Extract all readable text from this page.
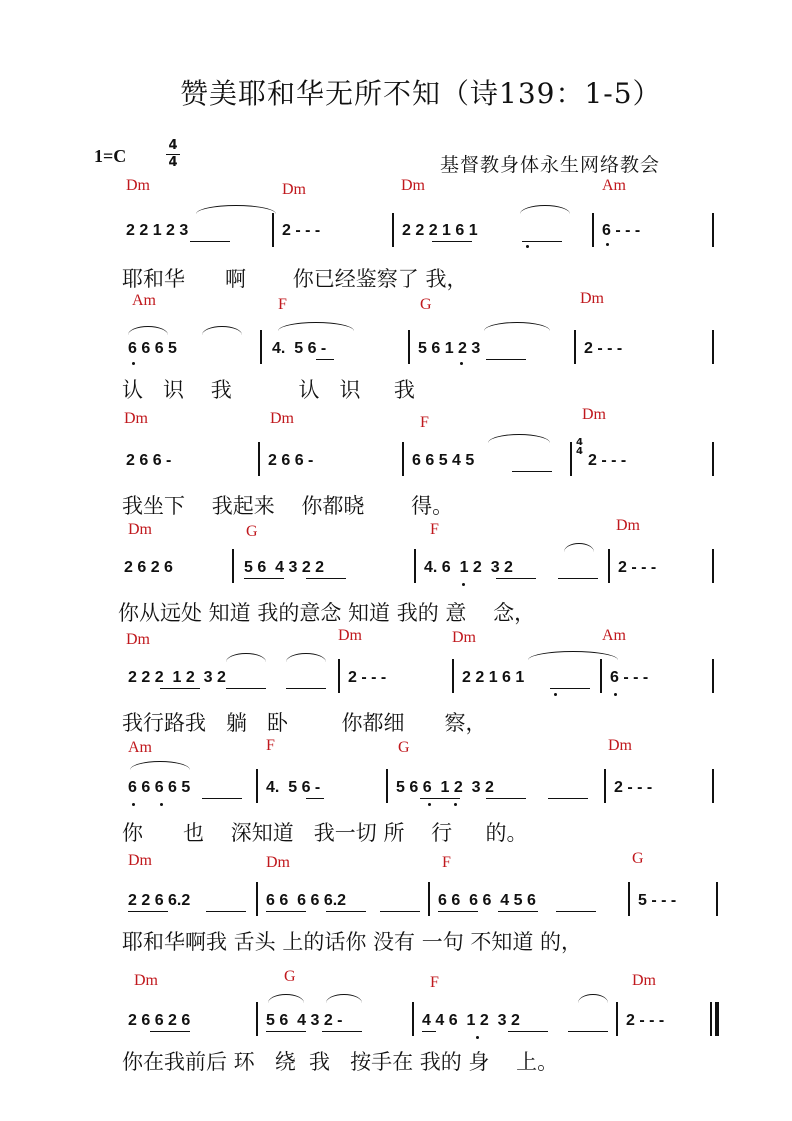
赞美耶和华无所不知（诗139：1-5）
1=C
4
4	基督教身体永生网络教会
Dm	Dm	Dm	Am
2 2 1 2 3	2 - - -	2 2 2 1 6 1	6 - - -
耶和华      啊       你已经鉴察了 我，
Am	F	G	Dm
6 6 6 5	4.  5 6 -	5 6 1 2 3	2 - - -
认   识    我          认   识     我
Dm	Dm	F	Dm
2 6 6 -	2 6 6 -	6 6 5 4 5
4
4
2 - - -
我坐下    我起来    你都晓       得。
Dm	G	F	Dm
2 6 2 6	5 6  4 3 2 2	4. 6  1 2  3 2	2 - - -
你从远处 知道 我的意念 知道 我的 意    念，
Dm	Dm	Dm	Am
2 2 2  1 2  3 2	2 - - -	2 2 1 6 1	6 - - -
我行路我   躺   卧        你都细      察，
Am	F	G	Dm
6 6 6 6 5	4.  5 6 -	5 6 6  1 2  3 2	2 - - -
你      也    深知道   我一切 所    行     的。
Dm	Dm	F	G
2 2 6 6.2	6 6  6 6 6.2	6 6  6 6  4 5 6	5 - - -
耶和华啊我 舌头 上的话你 没有 一句 不知道 的，
Dm	G	F	Dm
2 6 6 2 6	5 6  4 3 2 -	4 4 6  1 2  3 2	2 - - -
你在我前后 环   绕  我   按手在 我的 身    上。
